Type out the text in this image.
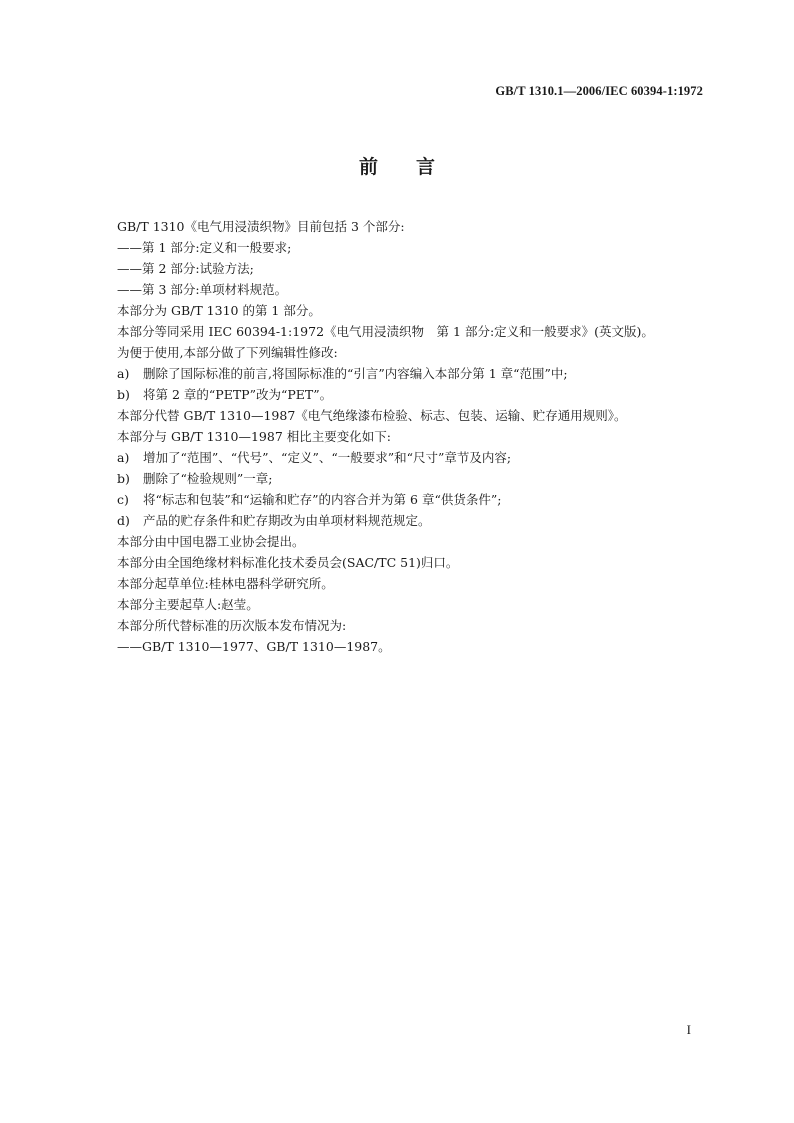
GB/T 1310.1—2006/IEC 60394-1:1972
前言
GB/T 1310《电气用浸渍织物》目前包括 3 个部分:
——第 1 部分:定义和一般要求;
——第 2 部分:试验方法;
——第 3 部分:单项材料规范。
本部分为 GB/T 1310 的第 1 部分。
本部分等同采用 IEC 60394-1:1972《电气用浸渍织物　第 1 部分:定义和一般要求》(英文版)。
为便于使用,本部分做了下列编辑性修改:
a) 删除了国际标准的前言,将国际标准的“引言”内容编入本部分第 1 章“范围”中;
b) 将第 2 章的“PETP”改为“PET”。
本部分代替 GB/T 1310—1987《电气绝缘漆布检验、标志、包装、运输、贮存通用规则》。
本部分与 GB/T 1310—1987 相比主要变化如下:
a) 增加了“范围”、“代号”、“定义”、“一般要求”和“尺寸”章节及内容;
b) 删除了“检验规则”一章;
c) 将“标志和包装”和“运输和贮存”的内容合并为第 6 章“供货条件”;
d) 产品的贮存条件和贮存期改为由单项材料规范规定。
本部分由中国电器工业协会提出。
本部分由全国绝缘材料标准化技术委员会(SAC/TC 51)归口。
本部分起草单位:桂林电器科学研究所。
本部分主要起草人:赵莹。
本部分所代替标准的历次版本发布情况为:
——GB/T 1310—1977、GB/T 1310—1987。
I
